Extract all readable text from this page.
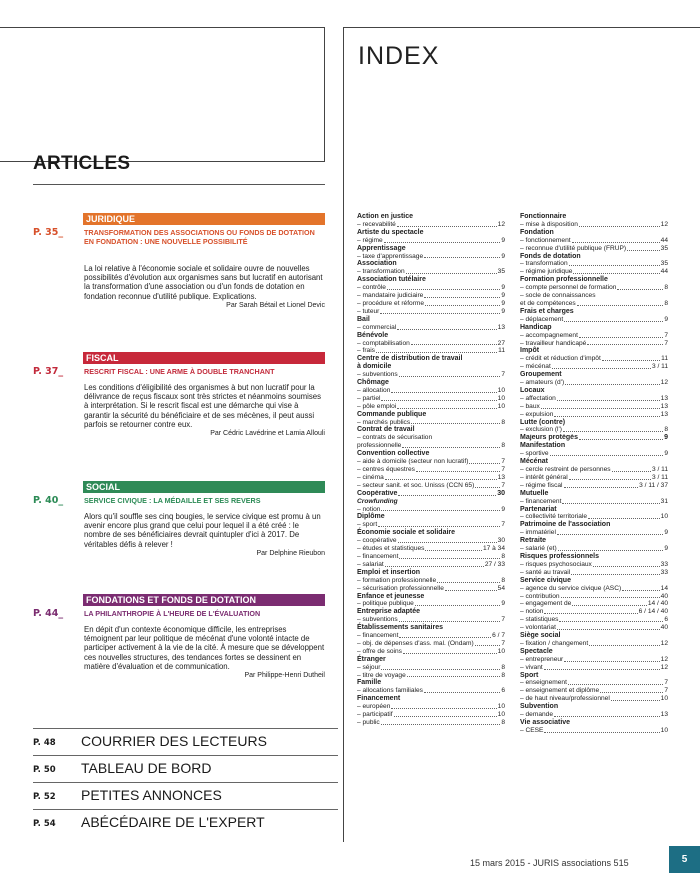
ARTICLES
JURIDIQUE
P. 35_	TRANSFORMATION DES ASSOCIATIONS OU FONDS DE DOTATION EN FONDATION : UNE NOUVELLE POSSIBILITÉ
La loi relative à l'économie sociale et solidaire ouvre de nouvelles possibilités d'évolution aux organismes sans but lucratif en autorisant la transformation d'une association ou d'un fonds de dotation en fondation reconnue d'utilité publique. Explications.
Par Sarah Bétail et Lionel Devic
FISCAL
P. 37_	RESCRIT FISCAL : UNE ARME À DOUBLE TRANCHANT
Les conditions d'éligibilité des organismes à but non lucratif pour la délivrance de reçus fiscaux sont très strictes et néanmoins soumises à interprétation. Si le rescrit fiscal est une démarche qui vise à garantir la sécurité du bénéficiaire et de ses mécènes, il peut aussi parfois se retourner contre eux.
Par Cédric Lavédrine et Lamia Allouli
SOCIAL
P. 40_	SERVICE CIVIQUE : LA MÉDAILLE ET SES REVERS
Alors qu'il souffle ses cinq bougies, le service civique est promu à un avenir encore plus grand que celui pour lequel il a été créé : le nombre de ses bénéficiaires devrait quintupler d'ici à 2017. De véritables défis à relever !
Par Delphine Rieubon
FONDATIONS ET FONDS DE DOTATION
P. 44_	LA PHILANTHROPIE À L'HEURE DE L'ÉVALUATION
En dépit d'un contexte économique difficile, les entreprises témoignent par leur politique de mécénat d'une volonté intacte de participer activement à la vie de la cité. À mesure que se développent ces nouvelles structures, des tendances fortes se dessinent en matière d'évaluation et de communication.
Par Philippe-Henri Dutheil
P. 48 COURRIER DES LECTEURS
P. 50 TABLEAU DE BORD
P. 52 PETITES ANNONCES
P. 54 ABÉCÉDAIRE DE L'EXPERT
INDEX
Action en justice
– recevabilité	12
Artiste du spectacle
– régime	9
Apprentissage
– taxe d'apprentissage	9
Association
– transformation	35
Association tutélaire
– contrôle	9
– mandataire judiciaire	9
– procédure et réforme	9
– tuteur	9
Bail
– commercial	13
Bénévole
– comptabilisation	27
– frais	11
Centre de distribution de travail
à domicile
– subventions	7
Chômage
– allocation	10
– partiel	10
– pôle emploi	10
Commande publique
– marchés publics	8
Contrat de travail
– contrats de sécurisation
professionnelle	8
Convention collective
– aide à domicile (secteur non lucratif)	7
– centres équestres	7
– cinéma	13
– secteur sanit. et soc. Unisss (CCN 65)	7
Coopérative	30
Crowfunding
– notion	9
Diplôme
– sport	7
Économie sociale et solidaire
– coopérative	30
– études et statistiques	17 à 34
– financement	8
– salariat	27 / 33
Emploi et insertion
– formation professionnelle	8
– sécurisation professionnelle	54
Enfance et jeunesse
– politique publique	9
Entreprise adaptée
– subventions	7
Établissements sanitaires
– financement	6 / 7
– obj. de dépenses d'ass. mal. (Ondam)	7
– offre de soins	10
Étranger
– séjour	8
– titre de voyage	8
Famille
– allocations familiales	6
Financement
– européen	10
– participatif	10
– public	8
Fonctionnaire
– mise à disposition	12
Fondation
– fonctionnement	44
– reconnue d'utilité publique (FRUP)	35
Fonds de dotation
– transformation	35
– régime juridique	44
Formation professionnelle
– compte personnel de formation	8
– socle de connaissances
et de compétences	8
Frais et charges
– déplacement	9
Handicap
– accompagnement	7
– travailleur handicapé	7
Impôt
– crédit et réduction d'impôt	11
– mécénat	3 / 11
Groupement
– amateurs (d')	12
Locaux
– affectation	13
– baux	13
– expulsion	13
Lutte (contre)
– exclusion (l')	8
Majeurs protégés	9
Manifestation
– sportive	9
Mécénat
– cercle restreint de personnes	3 / 11
– intérêt général	3 / 11
– régime fiscal	3 / 11 / 37
Mutuelle
– financement	31
Partenariat
– collectivité territoriale	10
Patrimoine de l'association
– immatériel	9
Retraite
– salarié (et)	9
Risques professionnels
– risques psychosociaux	33
– santé au travail	33
Service civique
– agence du service civique (ASC)	14
– contribution	40
– engagement de	14 / 40
– notion	6 / 14 / 40
– statistiques	6
– volontariat	40
Siège social
– fixation / changement	12
Spectacle
– entrepreneur	12
– vivant	12
Sport
– enseignement	7
– enseignement et diplôme	7
– de haut niveau/professionnel	10
Subvention
– demande	13
Vie associative
– CESE	10
15 mars 2015 - JURIS associations 515	5
